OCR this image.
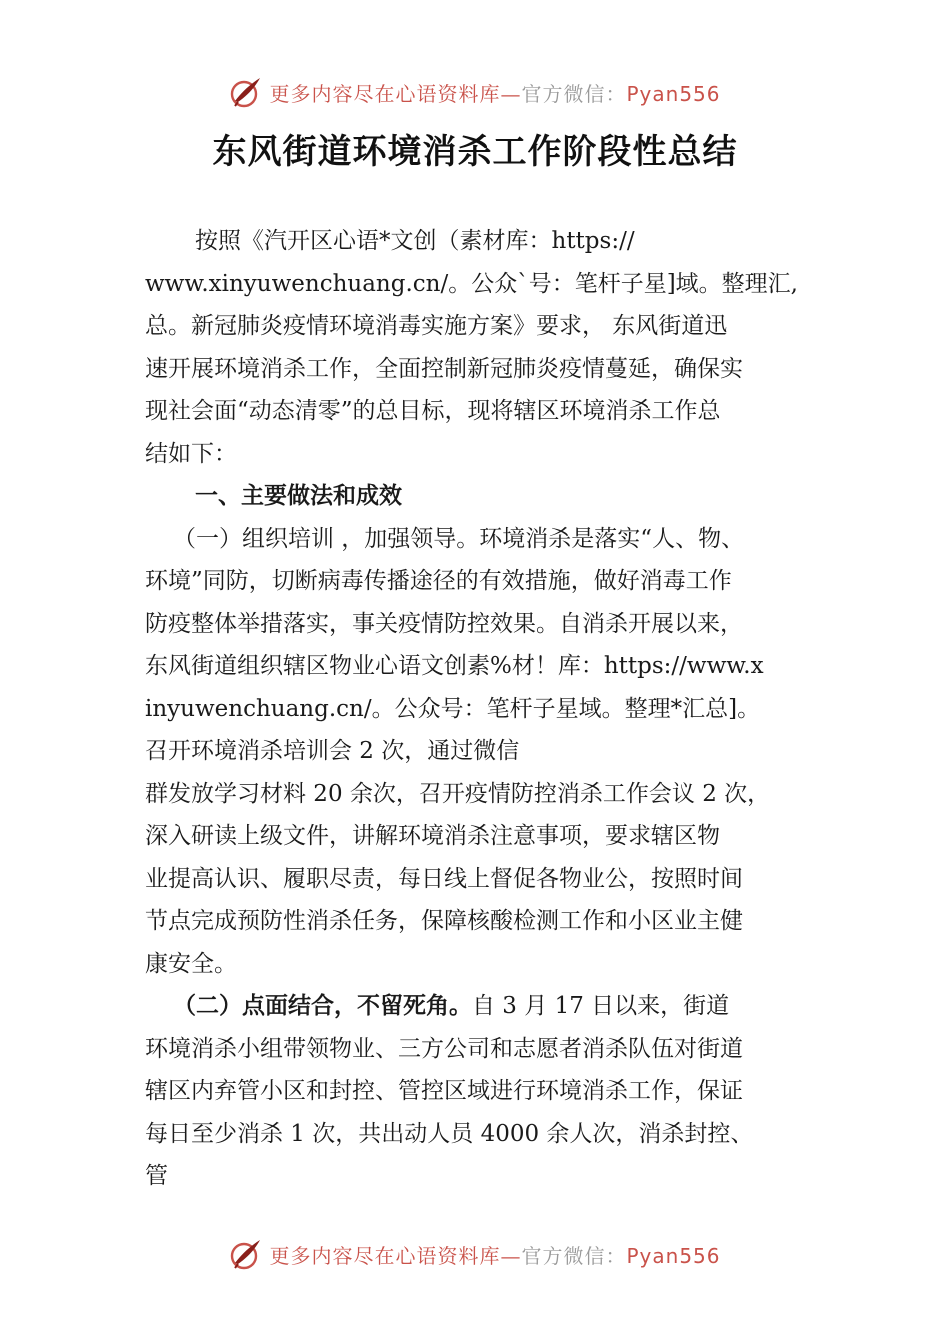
更多内容尽在心语资料库—官方微信：Pyan556
东风街道环境消杀工作阶段性总结
按照《汽开区心语*文创（素材库：https://
www.xinyuwenchuang.cn/。公众`号：笔杆子星]域。整理汇,
总。新冠肺炎疫情环境消毒实施方案》要求， 东风街道迅
速开展环境消杀工作，全面控制新冠肺炎疫情蔓延，确保实
现社会面“动态清零”的总目标，现将辖区环境消杀工作总
结如下：
一、主要做法和成效
（一）组织培训 ，加强领导。环境消杀是落实“人、物、
环境”同防，切断病毒传播途径的有效措施，做好消毒工作
防疫整体举措落实，事关疫情防控效果。自消杀开展以来，
东风街道组织辖区物业心语文创素%材！库：https://www.x
inyuwenchuang.cn/。公众号：笔杆子星域。整理*汇总]。
召开环境消杀培训会 2 次，通过微信
群发放学习材料 20 余次，召开疫情防控消杀工作会议 2 次，
深入研读上级文件，讲解环境消杀注意事项，要求辖区物
业提高认识、履职尽责，每日线上督促各物业公，按照时间
节点完成预防性消杀任务，保障核酸检测工作和小区业主健
康安全。
（二）点面结合，不留死角。自 3 月 17 日以来，街道
环境消杀小组带领物业、三方公司和志愿者消杀队伍对街道
辖区内弃管小区和封控、管控区域进行环境消杀工作，保证
每日至少消杀 1 次，共出动人员 4000 余人次，消杀封控、
管
更多内容尽在心语资料库—官方微信：Pyan556
